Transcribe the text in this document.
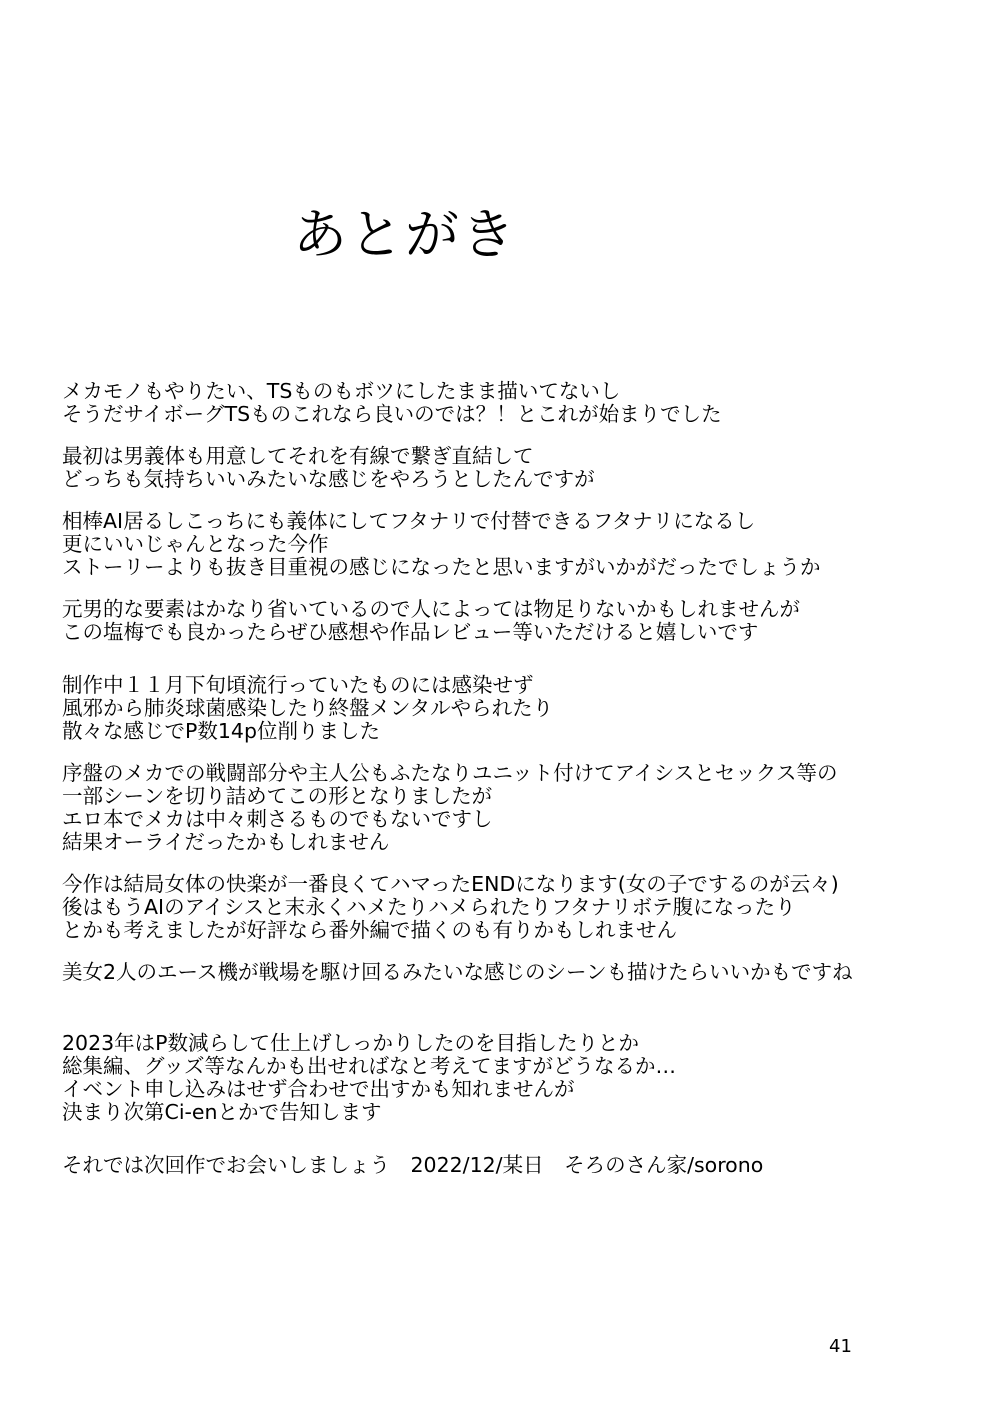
あとがき
メカモノもやりたい、TSものもボツにしたまま描いてないし
そうだサイボーグTSものこれなら良いのでは？！とこれが始まりでした
最初は男義体も用意してそれを有線で繋ぎ直結して
どっちも気持ちいいみたいな感じをやろうとしたんですが
相棒AI居るしこっちにも義体にしてフタナリで付替できるフタナリになるし
更にいいじゃんとなった今作
ストーリーよりも抜き目重視の感じになったと思いますがいかがだったでしょうか
元男的な要素はかなり省いているので人によっては物足りないかもしれませんが
この塩梅でも良かったらぜひ感想や作品レビュー等いただけると嬉しいです
制作中１１月下旬頃流行っていたものには感染せず
風邪から肺炎球菌感染したり終盤メンタルやられたり
散々な感じでP数14p位削りました
序盤のメカでの戦闘部分や主人公もふたなりユニット付けてアイシスとセックス等の
一部シーンを切り詰めてこの形となりましたが
エロ本でメカは中々刺さるものでもないですし
結果オーライだったかもしれません
今作は結局女体の快楽が一番良くてハマったENDになります(女の子でするのが云々)
後はもうAIのアイシスと末永くハメたりハメられたりフタナリボテ腹になったり
とかも考えましたが好評なら番外編で描くのも有りかもしれません
美女2人のエース機が戦場を駆け回るみたいな感じのシーンも描けたらいいかもですね
2023年はP数減らして仕上げしっかりしたのを目指したりとか
総集編、グッズ等なんかも出せればなと考えてますがどうなるか…
イベント申し込みはせず合わせで出すかも知れませんが
決まり次第Ci-enとかで告知します
それでは次回作でお会いしましょう　2022/12/某日　そろのさん家/sorono
41
